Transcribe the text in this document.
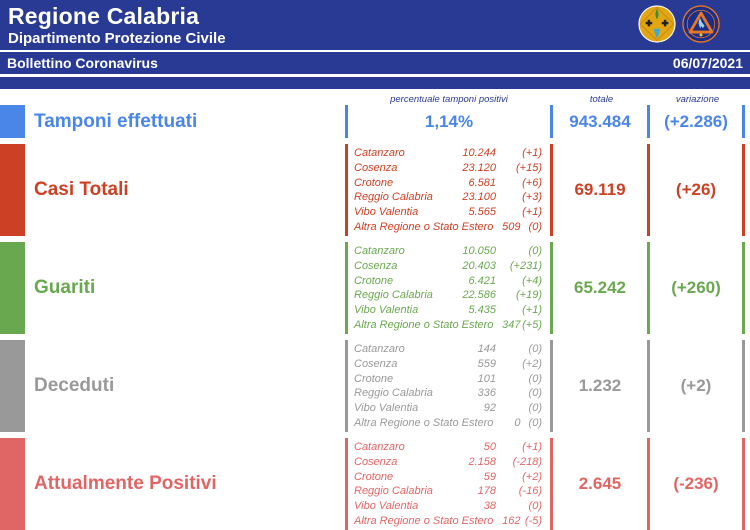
Regione Calabria
Dipartimento Protezione Civile
Bollettino Coronavirus	06/07/2021
percentuale tamponi positivi	totale	variazione
Tamponi effettuati	1,14%	943.484	(+2.286)
Casi Totali
Catanzaro	10.244	(+1)
Cosenza	23.120	(+15)
Crotone	6.581	(+6)
Reggio Calabria	23.100	(+3)
Vibo Valentia	5.565	(+1)
Altra Regione o Stato Estero 509 (0)
69.119	(+26)
Guariti
Catanzaro	10.050	(0)
Cosenza	20.403	(+231)
Crotone	6.421	(+4)
Reggio Calabria	22.586	(+19)
Vibo Valentia	5.435	(+1)
Altra Regione o Stato Estero 347 (+5)
65.242	(+260)
Deceduti
Catanzaro	144	(0)
Cosenza	559	(+2)
Crotone	101	(0)
Reggio Calabria	336	(0)
Vibo Valentia	92	(0)
Altra Regione o Stato Estero	0 (0)
1.232	(+2)
Attualmente Positivi
Catanzaro	50	(+1)
Cosenza	2.158	(-218)
Crotone	59	(+2)
Reggio Calabria	178	(-16)
Vibo Valentia	38	(0)
Altra Regione o Stato Estero 162 (-5)
2.645	(-236)
